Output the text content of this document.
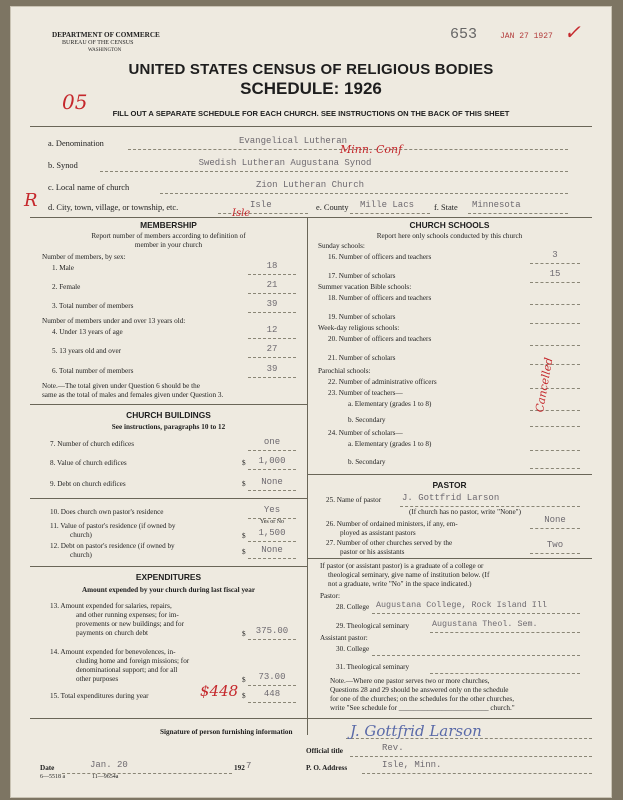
DEPARTMENT OF COMMERCE
BUREAU OF THE CENSUS
WASHINGTON
653	JAN 27 1927 ✓
UNITED STATES CENSUS OF RELIGIOUS BODIES
SCHEDULE: 1926
05	FILL OUT A SEPARATE SCHEDULE FOR EACH CHURCH. SEE INSTRUCTIONS ON THE BACK OF THIS SHEET
a. Denomination	Evangelical Lutheran
Minn. Conf
b. Synod	Swedish Lutheran Augustana Synod
c. Local name of church	Zion Lutheran Church
R d. City, town, village, or township, etc.	Isle
Isle
e. County Mille Lacs f. State Minnesota
MEMBERSHIP
Report number of members according to definition of
member in your church
Number of members, by sex:
1. Male	18
2. Female	21
3. Total number of members	39
Number of members under and over 13 years old:
4. Under 13 years of age	12
5. 13 years old and over	27
6. Total number of members	39
Note.—The total given under Question 6 should be the
same as the total of males and females given under Question 3.
CHURCH BUILDINGS
See instructions, paragraphs 10 to 12
7. Number of church edifices	one
8. Value of church edifices	$	1,000
9. Debt on church edifices	$	None
10. Does church own pastor's residence	Yes
Yes or No
11. Value of pastor's residence (if owned by
church)	$	1,500
12. Debt on pastor's residence (if owned by
church)	$	None
EXPENDITURES
Amount expended by your church during last fiscal year
13. Amount expended for salaries, repairs,
and other running expenses; for im-
provements or new buildings; and for
payments on church debt	$	375.00
14. Amount expended for benevolences, in-
cluding home and foreign missions; for
denominational support; and for all
other purposes	$	73.00
15. Total expenditures during year	$	448
$448
CHURCH SCHOOLS
Report here only schools conducted by this church
Sunday schools:
16. Number of officers and teachers	3
17. Number of scholars	15
Summer vacation Bible schools:
18. Number of officers and teachers
19. Number of scholars
Week-day religious schools:
20. Number of officers and teachers
21. Number of scholars
Parochial schools:
22. Number of administrative officers
23. Number of teachers—
a. Elementary (grades 1 to 8)
b. Secondary
24. Number of scholars—
a. Elementary (grades 1 to 8)
b. Secondary
Cancelled
PASTOR
25. Name of pastor J. Gottfrid Larson
(If church has no pastor, write "None")
26. Number of ordained ministers, if any, em-
ployed as assistant pastors
None
27. Number of other churches served by the
pastor or his assistants
Two
If pastor (or assistant pastor) is a graduate of a college or
theological seminary, give name of institution below. (If
not a graduate, write "No" in the space indicated.)
Pastor:
28. College Augustana College, Rock Island Ill
29. Theological seminary	Augustana Theol. Sem.
Assistant pastor:
30. College
31. Theological seminary
Note.—Where one pastor serves two or more churches,
Questions 28 and 29 should be answered only on the schedule
for one of the churches; on the schedules for the other churches,
write "See schedule for _________________________ church."
Signature of person furnishing information	J. Gottfrid Larson
Official title	Rev.
Date	Jan. 20	192 7	P. O. Address	Isle, Minn.
6—5518 a	11—9654a
